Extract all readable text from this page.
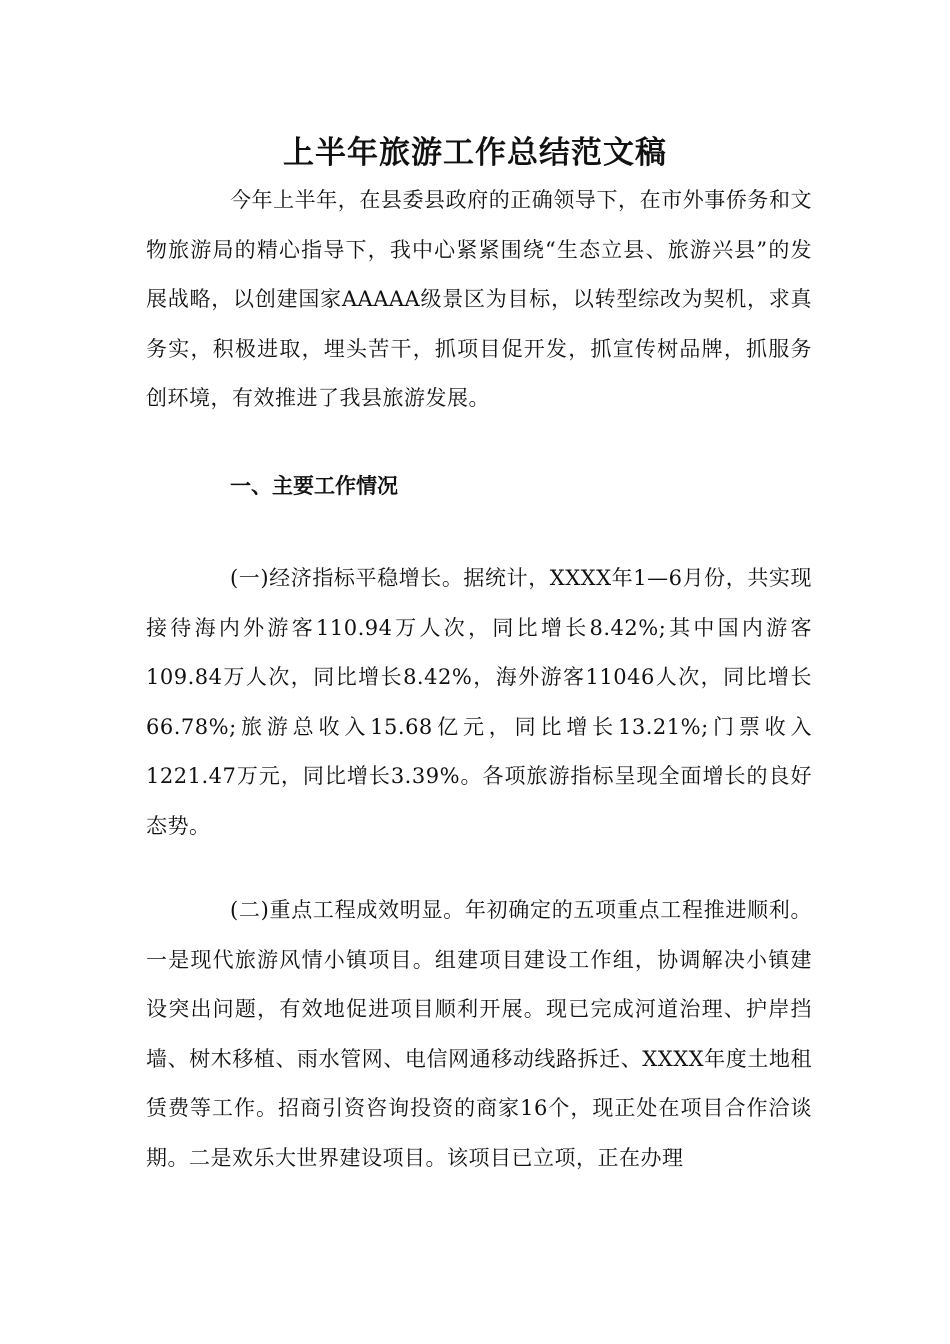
上半年旅游工作总结范文稿

今年上半年，在县委县政府的正确领导下，在市外事侨务和文物旅游局的精心指导下，我中心紧紧围绕“生态立县、旅游兴县”的发展战略，以创建国家AAAAA级景区为目标，以转型综改为契机，求真务实，积极进取，埋头苦干，抓项目促开发，抓宣传树品牌，抓服务创环境，有效推进了我县旅游发展。

一、主要工作情况

(一)经济指标平稳增长。据统计，XXXX年1—6月份，共实现接待海内外游客110.94万人次，同比增长8.42%;其中国内游客109.84万人次，同比增长8.42%，海外游客11046人次，同比增长66.78%;旅游总收入15.68亿元，同比增长13.21%;门票收入1221.47万元，同比增长3.39%。各项旅游指标呈现全面增长的良好态势。

(二)重点工程成效明显。年初确定的五项重点工程推进顺利。一是现代旅游风情小镇项目。组建项目建设工作组，协调解决小镇建设突出问题，有效地促进项目顺利开展。现已完成河道治理、护岸挡墙、树木移植、雨水管网、电信网通移动线路拆迁、XXXX年度土地租赁费等工作。招商引资咨询投资的商家16个，现正处在项目合作洽谈期。二是欢乐大世界建设项目。该项目已立项，正在办理
